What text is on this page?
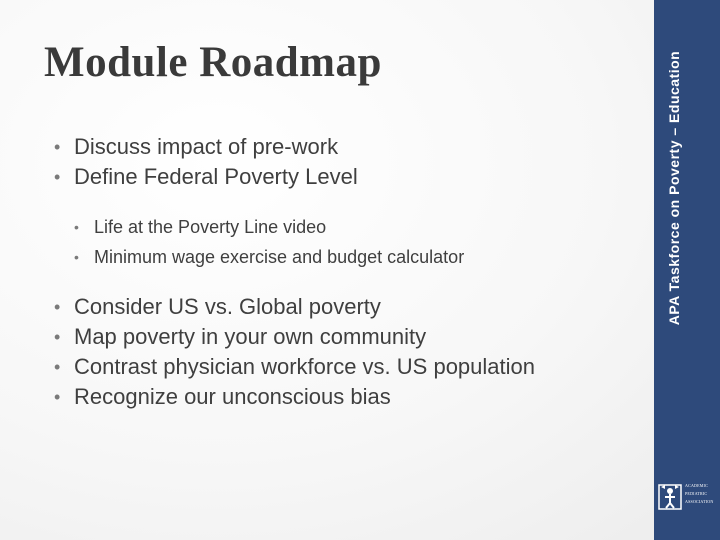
Module Roadmap
• Discuss impact of pre-work
• Define Federal Poverty Level
• Life at the Poverty Line video
• Minimum wage exercise and budget calculator
• Consider US vs. Global poverty
• Map poverty in your own community
• Contrast physician workforce vs. US population
• Recognize our unconscious bias
APA Taskforce on Poverty – Education
ACADEMIC
PEDIATRIC
ASSOCIATION
